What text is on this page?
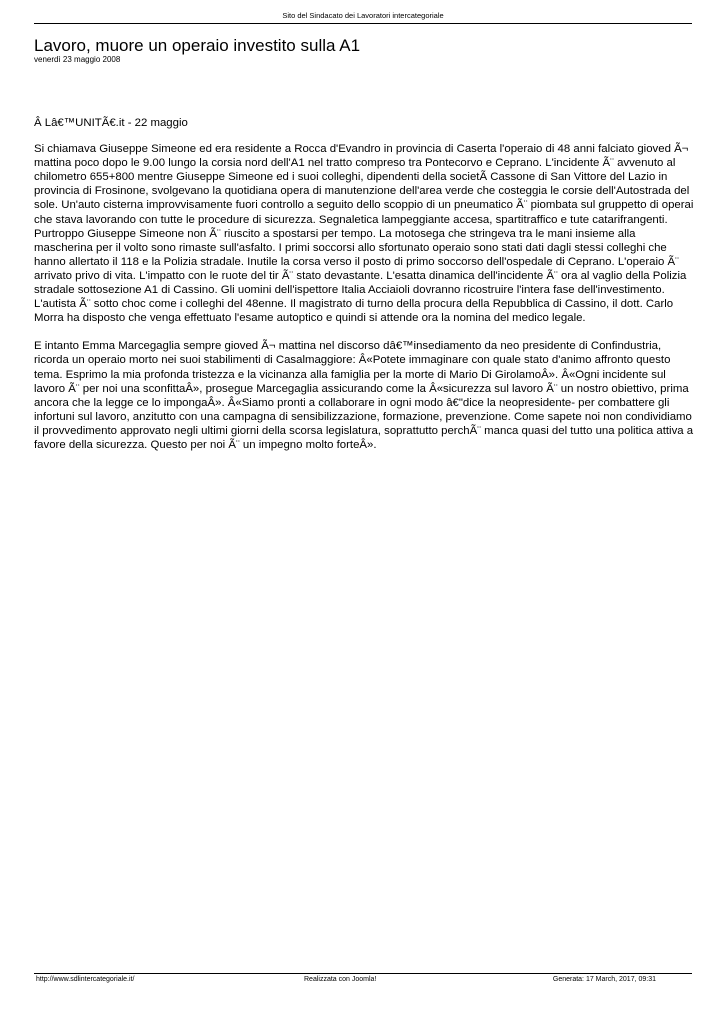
Sito del Sindacato dei Lavoratori intercategoriale
Lavoro, muore un operaio investito sulla A1
venerdì 23 maggio 2008

Â Lâ€™UNITÃ€.it - 22 maggio

Si chiamava Giuseppe Simeone ed era residente a Rocca d'Evandro in provincia di Caserta l'operaio di 48 anni falciato gioved Ã¬ mattina poco dopo le 9.00 lungo la corsia nord dell'A1 nel tratto compreso tra Pontecorvo e Ceprano. L'incidente Ã¨ avvenuto al chilometro 655+800 mentre Giuseppe Simeone ed i suoi colleghi, dipendenti della societÃ Cassone di San Vittore del Lazio in provincia di Frosinone, svolgevano la quotidiana opera di manutenzione dell'area verde che costeggia le corsie dell'Autostrada del sole. Un'auto cisterna improvvisamente fuori controllo a seguito dello scoppio di un pneumatico Ã¨ piombata sul gruppetto di operai che stava lavorando con tutte le procedure di sicurezza. Segnaletica lampeggiante accesa, spartitraffico e tute catarifrangenti. Purtroppo Giuseppe Simeone non Ã¨ riuscito a spostarsi per tempo. La motosega che stringeva tra le mani insieme alla mascherina per il volto sono rimaste sull'asfalto. I primi soccorsi allo sfortunato operaio sono stati dati dagli stessi colleghi che hanno allertato il 118 e la Polizia stradale. Inutile la corsa verso il posto di primo soccorso dell'ospedale di Ceprano. L'operaio Ã¨ arrivato privo di vita. L'impatto con le ruote del tir Ã¨ stato devastante. L'esatta dinamica dell'incidente Ã¨ ora al vaglio della Polizia stradale sottosezione A1 di Cassino. Gli uomini dell'ispettore Italia Acciaioli dovranno ricostruire l'intera fase dell'investimento. L'autista Ã¨ sotto choc come i colleghi del 48enne. Il magistrato di turno della procura della Repubblica di Cassino, il dott. Carlo Morra ha disposto che venga effettuato l'esame autoptico e quindi si attende ora la nomina del medico legale.

E intanto Emma Marcegaglia sempre gioved Ã¬ mattina nel discorso dâ€™insediamento da neo presidente di Confindustria, ricorda un operaio morto nei suoi stabilimenti di Casalmaggiore: Â«Potete immaginare con quale stato d'animo affronto questo tema. Esprimo la mia profonda tristezza e la vicinanza alla famiglia per la morte di Mario Di GirolamoÂ». Â«Ogni incidente sul lavoro Ã¨ per noi una sconfittaÂ», prosegue Marcegaglia assicurando come la Â«sicurezza sul lavoro Ã¨ un nostro obiettivo, prima ancora che la legge ce lo impongaÂ». Â«Siamo pronti a collaborare in ogni modo â€"dice la neopresidente- per combattere gli infortuni sul lavoro, anzitutto con una campagna di sensibilizzazione, formazione, prevenzione. Come sapete noi non condividiamo il provvedimento approvato negli ultimi giorni della scorsa legislatura, soprattutto perchÃ¨ manca quasi del tutto una politica attiva a favore della sicurezza. Questo per noi Ã¨ un impegno molto forteÂ».

http://www.sdlintercategoriale.it/	Realizzata con Joomla!	Generata: 17 March, 2017, 09:31
